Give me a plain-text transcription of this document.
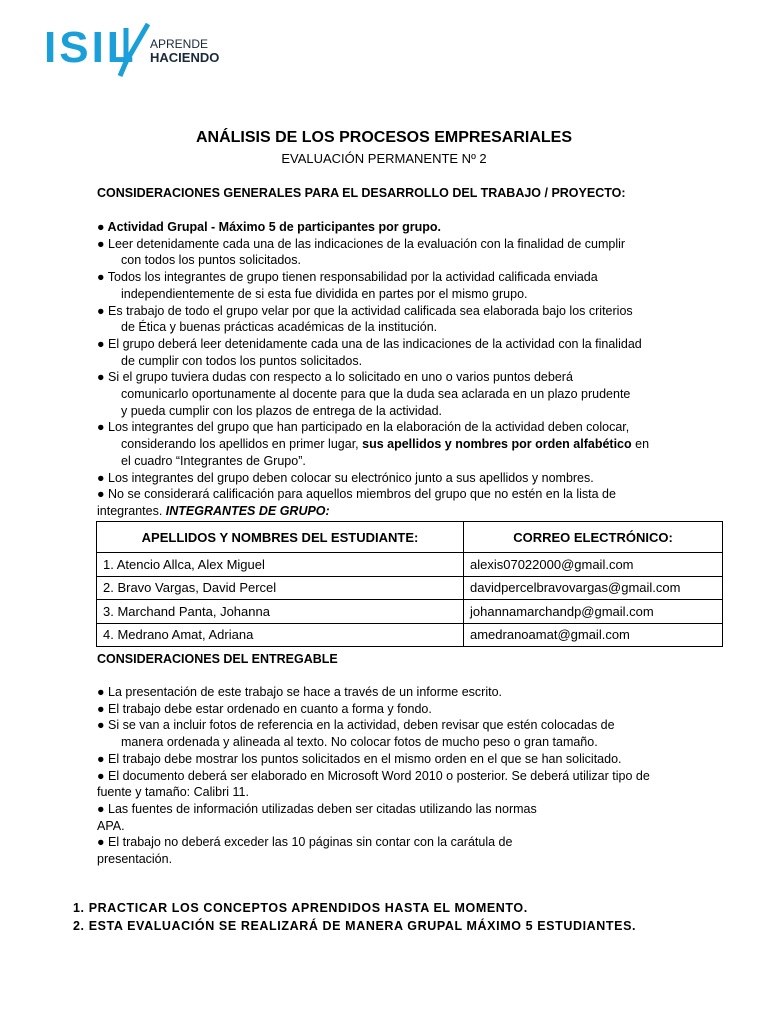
ISIL APRENDE
HACIENDO
ANÁLISIS DE LOS PROCESOS EMPRESARIALES
EVALUACIÓN PERMANENTE Nº 2
CONSIDERACIONES GENERALES PARA EL DESARROLLO DEL TRABAJO / PROYECTO:

● Actividad Grupal - Máximo 5 de participantes por grupo.

● Leer detenidamente cada una de las indicaciones de la evaluación con la finalidad de cumplir

con todos los puntos solicitados.

● Todos los integrantes de grupo tienen responsabilidad por la actividad calificada enviada

independientemente de si esta fue dividida en partes por el mismo grupo.

● Es trabajo de todo el grupo velar por que la actividad calificada sea elaborada bajo los criterios

de Ética y buenas prácticas académicas de la institución.

● El grupo deberá leer detenidamente cada una de las indicaciones de la actividad con la finalidad

de cumplir con todos los puntos solicitados.

● Si el grupo tuviera dudas con respecto a lo solicitado en uno o varios puntos deberá

comunicarlo oportunamente al docente para que la duda sea aclarada en un plazo prudente

y pueda cumplir con los plazos de entrega de la actividad.

● Los integrantes del grupo que han participado en la elaboración de la actividad deben colocar,

considerando los apellidos en primer lugar, sus apellidos y nombres por orden alfabético en

el cuadro “Integrantes de Grupo”.

● Los integrantes del grupo deben colocar su electrónico junto a sus apellidos y nombres.

● No se considerará calificación para aquellos miembros del grupo que no estén en la lista de

integrantes. INTEGRANTES DE GRUPO:

APELLIDOS Y NOMBRES DEL ESTUDIANTE:	CORREO ELECTRÓNICO:
1. Atencio Allca, Alex Miguel	alexis07022000@gmail.com
2. Bravo Vargas, David Percel	davidpercelbravovargas@gmail.com
3. Marchand Panta, Johanna	johannamarchandp@gmail.com
4. Medrano Amat, Adriana	amedranoamat@gmail.com
CONSIDERACIONES DEL ENTREGABLE

● La presentación de este trabajo se hace a través de un informe escrito.

● El trabajo debe estar ordenado en cuanto a forma y fondo.

● Si se van a incluir fotos de referencia en la actividad, deben revisar que estén colocadas de

manera ordenada y alineada al texto. No colocar fotos de mucho peso o gran tamaño.

● El trabajo debe mostrar los puntos solicitados en el mismo orden en el que se han solicitado.

● El documento deberá ser elaborado en Microsoft Word 2010 o posterior. Se deberá utilizar tipo de

fuente y tamaño: Calibri 11.

● Las fuentes de información utilizadas deben ser citadas utilizando las normas

APA.

● El trabajo no deberá exceder las 10 páginas sin contar con la carátula de

presentación.

1. PRACTICAR LOS CONCEPTOS APRENDIDOS HASTA EL MOMENTO.

2. ESTA EVALUACIÓN SE REALIZARÁ DE MANERA GRUPAL MÁXIMO 5 ESTUDIANTES.
